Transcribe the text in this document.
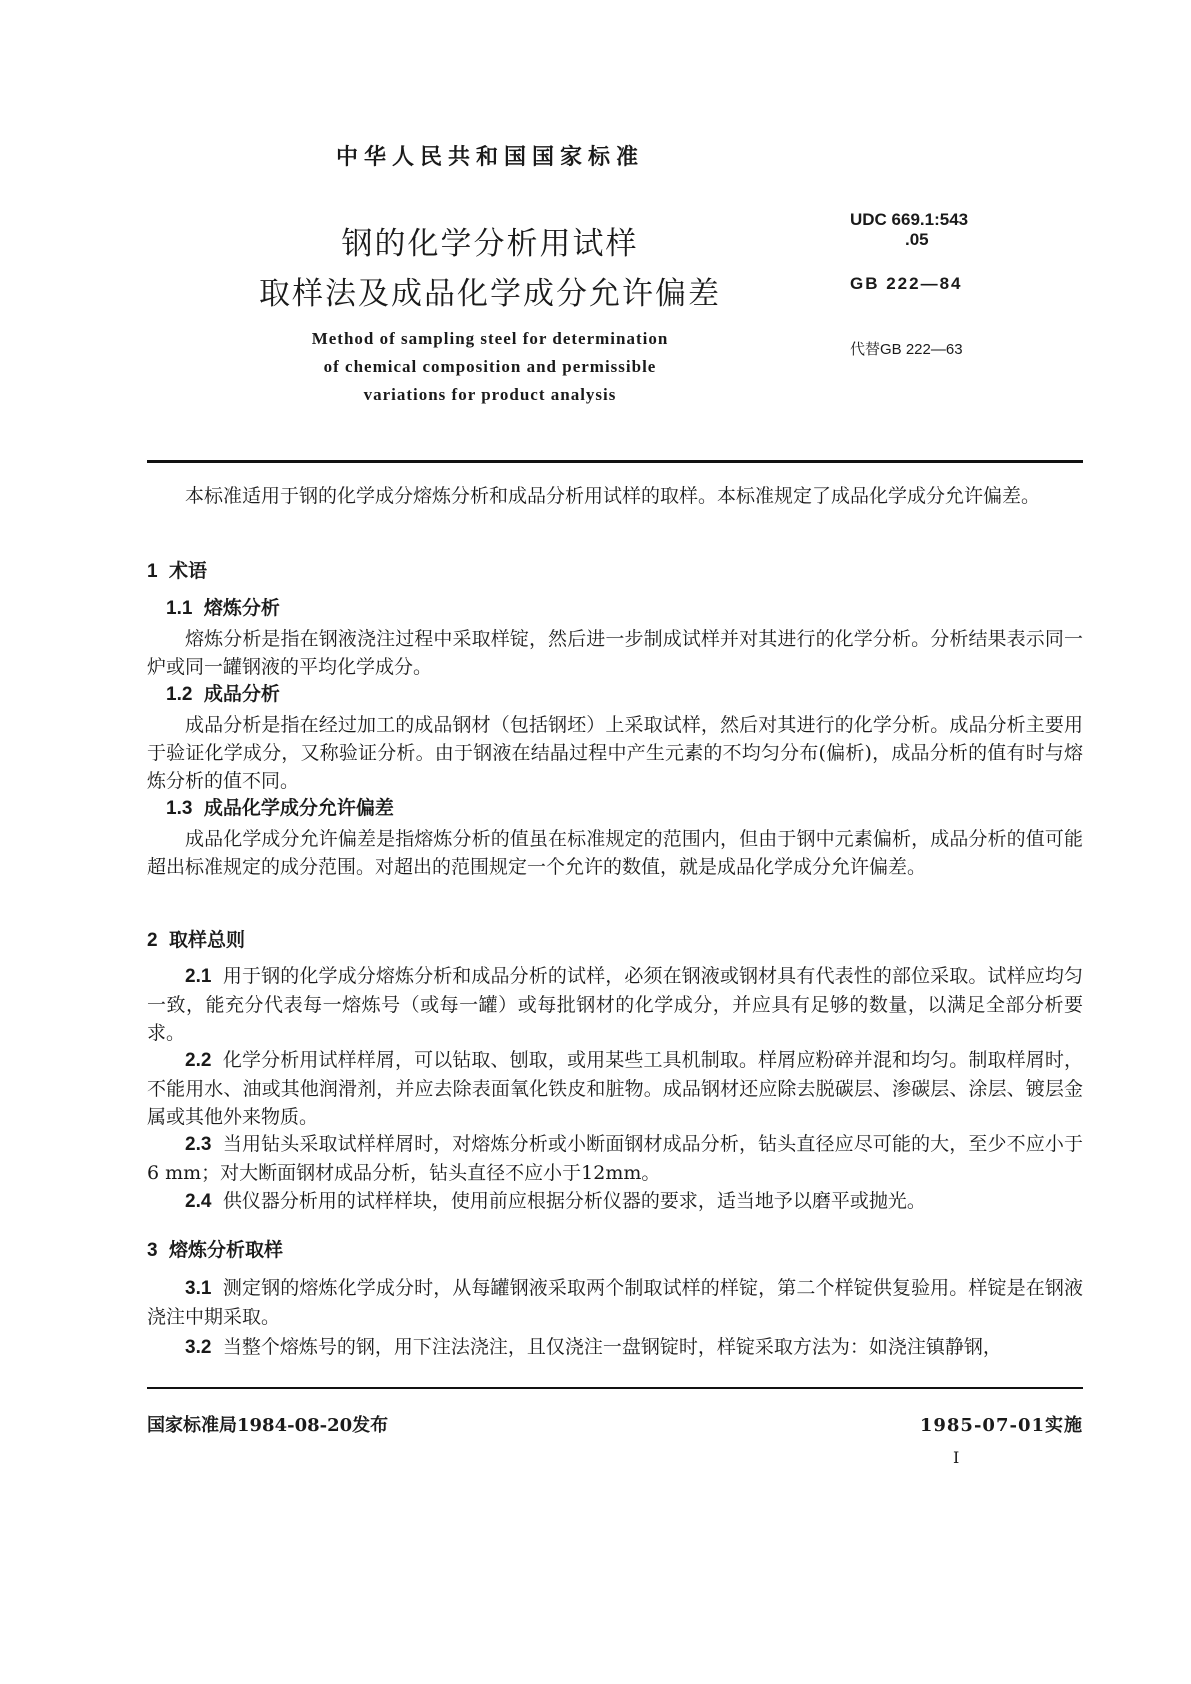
中华人民共和国国家标准
钢的化学分析用试样
取样法及成品化学成分允许偏差
Method of sampling steel for determination
of chemical composition and permissible
variations for product analysis
UDC 669.1:543
.05
GB 222—84
代替GB 222—63

本标准适用于钢的化学成分熔炼分析和成品分析用试样的取样。本标准规定了成品化学成分允许偏差。

1 术语

1.1 熔炼分析

熔炼分析是指在钢液浇注过程中采取样锭，然后进一步制成试样并对其进行的化学分析。分析结果表示同一炉或同一罐钢液的平均化学成分。

1.2 成品分析

成品分析是指在经过加工的成品钢材（包括钢坯）上采取试样，然后对其进行的化学分析。成品分析主要用于验证化学成分，又称验证分析。由于钢液在结晶过程中产生元素的不均匀分布(偏析)，成品分析的值有时与熔炼分析的值不同。

1.3 成品化学成分允许偏差

成品化学成分允许偏差是指熔炼分析的值虽在标准规定的范围内，但由于钢中元素偏析，成品分析的值可能超出标准规定的成分范围。对超出的范围规定一个允许的数值，就是成品化学成分允许偏差。

2 取样总则

2.1 用于钢的化学成分熔炼分析和成品分析的试样，必须在钢液或钢材具有代表性的部位采取。试样应均匀一致，能充分代表每一熔炼号（或每一罐）或每批钢材的化学成分，并应具有足够的数量，以满足全部分析要求。

2.2 化学分析用试样样屑，可以钻取、刨取，或用某些工具机制取。样屑应粉碎并混和均匀。制取样屑时，不能用水、油或其他润滑剂，并应去除表面氧化铁皮和脏物。成品钢材还应除去脱碳层、渗碳层、涂层、镀层金属或其他外来物质。

2.3 当用钻头采取试样样屑时，对熔炼分析或小断面钢材成品分析，钻头直径应尽可能的大，至少不应小于 6 mm；对大断面钢材成品分析，钻头直径不应小于12mm。

2.4 供仪器分析用的试样样块，使用前应根据分析仪器的要求，适当地予以磨平或抛光。

3 熔炼分析取样

3.1 测定钢的熔炼化学成分时，从每罐钢液采取两个制取试样的样锭，第二个样锭供复验用。样锭是在钢液浇注中期采取。

3.2 当整个熔炼号的钢，用下注法浇注，且仅浇注一盘钢锭时，样锭采取方法为：如浇注镇静钢，

国家标准局1984-08-20发布	1985-07-01实施
I
